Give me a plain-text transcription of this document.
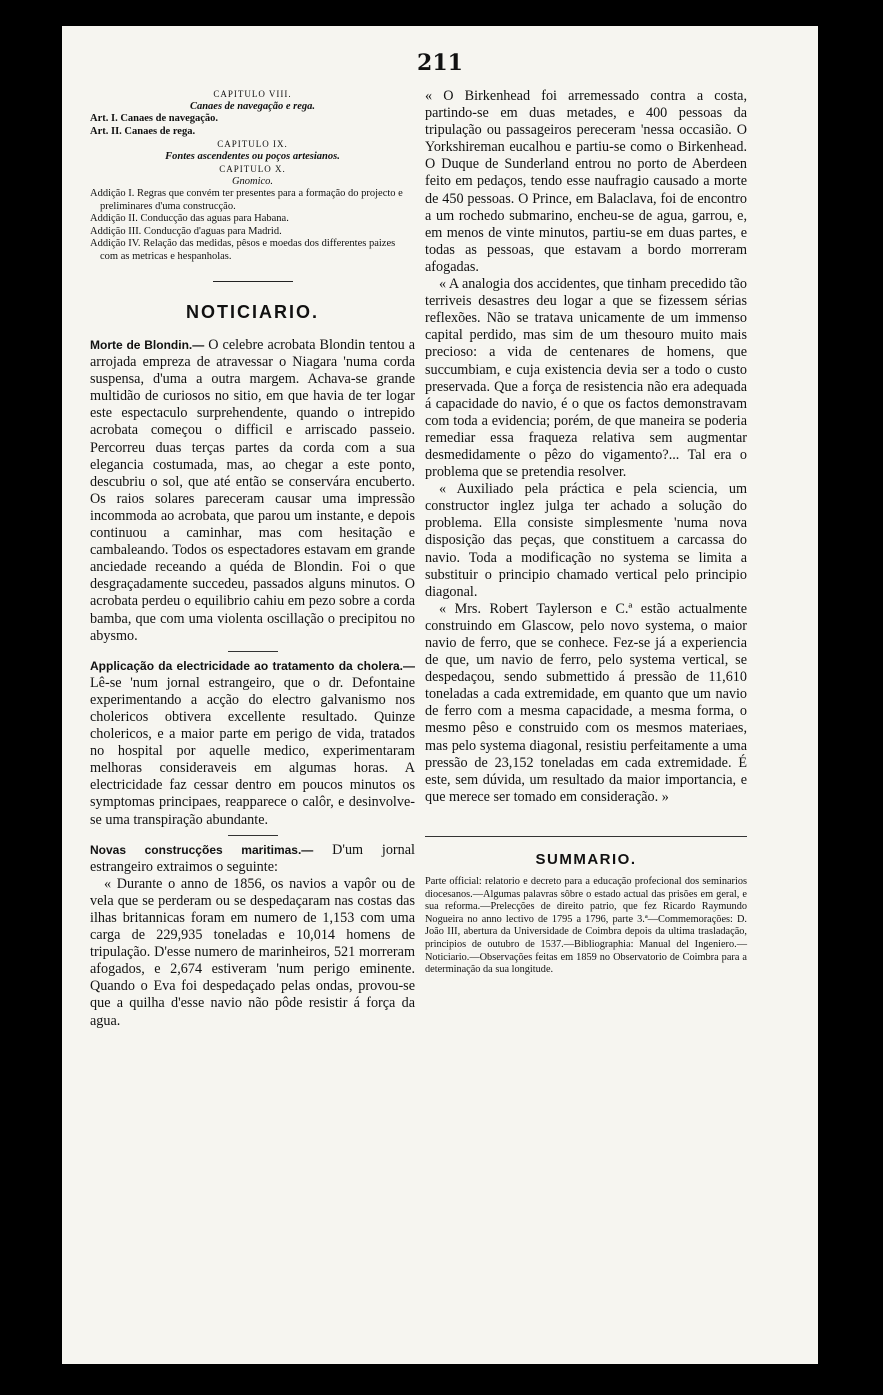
211

CAPITULO VIII.

Canaes de navegação e rega.

Art. I. Canaes de navegação.

Art. II. Canaes de rega.

CAPITULO IX.

Fontes ascendentes ou poços artesianos.

CAPITULO X.

Gnomico.

Addição I. Regras que convém ter presentes para a formação do projecto e preliminares d'uma construcção.

Addição II. Conducção das aguas para Habana.

Addição III. Conducção d'aguas para Madrid.

Addição IV. Relação das medidas, pêsos e moedas dos differentes paizes com as metricas e hespanholas.

NOTICIARIO.

Morte de Blondin.— O celebre acrobata Blondin tentou a arrojada empreza de atravessar o Niagara 'numa corda suspensa, d'uma a outra margem. Achava-se grande multidão de curiosos no sitio, em que havia de ter logar este espectaculo surprehendente, quando o intrepido acrobata começou o difficil e arriscado passeio. Percorreu duas terças partes da corda com a sua elegancia costumada, mas, ao chegar a este ponto, descubriu o sol, que até então se conservára encuberto. Os raios solares pareceram causar uma impressão incommoda ao acrobata, que parou um instante, e depois continuou a caminhar, mas com hesitação e cambaleando. Todos os espectadores estavam em grande anciedade receando a quéda de Blondin. Foi o que desgraçadamente succedeu, passados alguns minutos. O acrobata perdeu o equilibrio cahiu em pezo sobre a corda bamba, que com uma violenta oscillação o precipitou no abysmo.

Applicação da electricidade ao tratamento da cholera.— Lê-se 'num jornal estrangeiro, que o dr. Defontaine experimentando a acção do electro galvanismo nos cholericos obtivera excellente resultado. Quinze cholericos, e a maior parte em perigo de vida, tratados no hospital por aquelle medico, experimentaram melhoras consideraveis em algumas horas. A electricidade faz cessar dentro em poucos minutos os symptomas principaes, reapparece o calôr, e desinvolve-se uma transpiração abundante.

Novas construcções maritimas.— D'um jornal estrangeiro extraimos o seguinte:

« Durante o anno de 1856, os navios a vapôr ou de vela que se perderam ou se despedaçaram nas costas das ilhas britannicas foram em numero de 1,153 com uma carga de 229,935 toneladas e 10,014 homens de tripulação. D'esse numero de marinheiros, 521 morreram afogados, e 2,674 estiveram 'num perigo eminente. Quando o Eva foi despedaçado pelas ondas, provou-se que a quilha d'esse navio não pôde resistir á força da agua.

« O Birkenhead foi arremessado contra a costa, partindo-se em duas metades, e 400 pessoas da tripulação ou passageiros pereceram 'nessa occasião. O Yorkshireman eucalhou e partiu-se como o Birkenhead. O Duque de Sunderland entrou no porto de Aberdeen feito em pedaços, tendo esse naufragio causado a morte de 450 pessoas. O Prince, em Balaclava, foi de encontro a um rochedo submarino, encheu-se de agua, garrou, e, em menos de vinte minutos, partiu-se em duas partes, e todas as pessoas, que estavam a bordo morreram afogadas.

« A analogia dos accidentes, que tinham precedido tão terriveis desastres deu logar a que se fizessem sérias reflexões. Não se tratava unicamente de um immenso capital perdido, mas sim de um thesouro muito mais precioso: a vida de centenares de homens, que succumbiam, e cuja existencia devia ser a todo o custo preservada. Que a força de resistencia não era adequada á capacidade do navio, é o que os factos demonstravam com toda a evidencia; porém, de que maneira se poderia remediar essa fraqueza relativa sem augmentar desmedidamente o pêzo do vigamento?... Tal era o problema que se pretendia resolver.

« Auxiliado pela práctica e pela sciencia, um constructor inglez julga ter achado a solução do problema. Ella consiste simplesmente 'numa nova disposição das peças, que constituem a carcassa do navio. Toda a modificação no systema se limita a substituir o principio chamado vertical pelo principio diagonal.

« Mrs. Robert Taylerson e C.ª estão actualmente construindo em Glascow, pelo novo systema, o maior navio de ferro, que se conhece. Fez-se já a experiencia de que, um navio de ferro, pelo systema vertical, se despedaçou, sendo submettido á pressão de 11,610 toneladas a cada extremidade, em quanto que um navio de ferro com a mesma capacidade, a mesma forma, o mesmo pêso e construido com os mesmos materiaes, mas pelo systema diagonal, resistiu perfeitamente a uma pressão de 23,152 toneladas em cada extremidade. É este, sem dúvida, um resultado da maior importancia, e que merece ser tomado em consideração. »

SUMMARIO.

Parte official: relatorio e decreto para a educação profecional dos seminarios diocesanos.—Algumas palavras sôbre o estado actual das prisões em geral, e sua reforma.—Prelecções de direito patrio, que fez Ricardo Raymundo Nogueira no anno lectivo de 1795 a 1796, parte 3.ª—Commemorações: D. João III, abertura da Universidade de Coimbra depois da ultima trasladação, principios de outubro de 1537.—Bibliographia: Manual del Ingeniero.—Noticiario.—Observações feitas em 1859 no Observatorio de Coimbra para a determinação da sua longitude.
